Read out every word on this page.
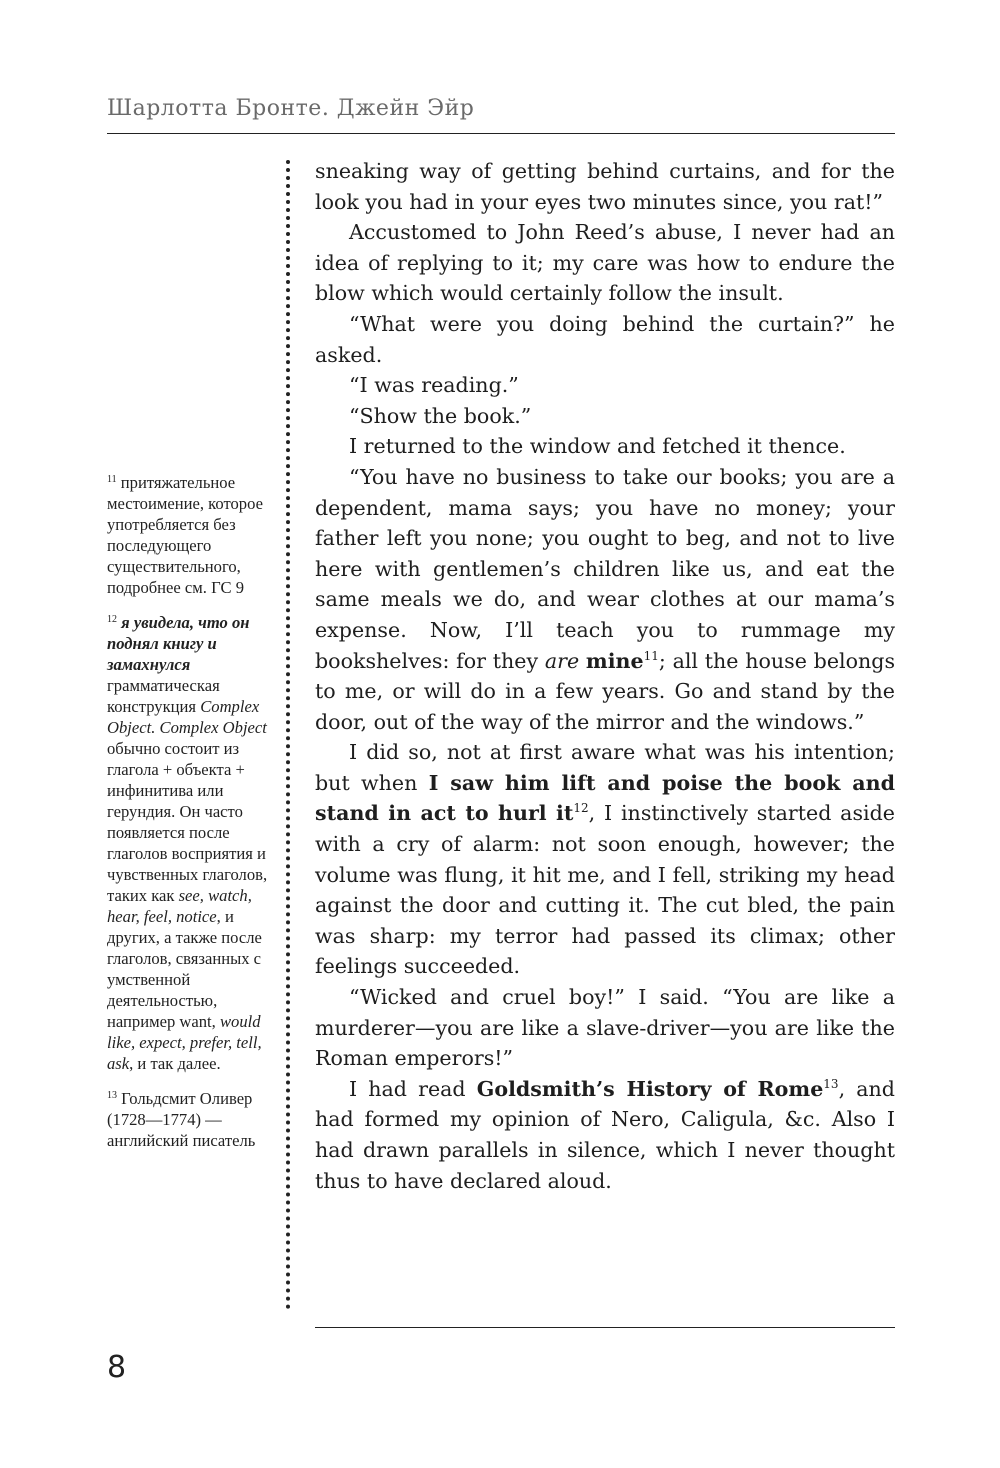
Шарлотта Бронте. Джейн Эйр

$^{11}$ притяжательное местоимение, которое употребляется без последующего существительного, подробнее см. ГС 9

$^{12}$ я увидела, что он поднял книгу и замахнулся грамматическая конструкция Complex Object. Complex Object обычно состоит из глагола + объекта + инфинитива или герундия. Он часто появляется после глаголов восприятия и чувственных глаголов, таких как see, watch, hear, feel, notice, и других, а также после глаголов, связанных с умственной деятельностью, например want, would like, expect, prefer, tell, ask, и так далее.

$^{13}$ Гольдсмит Оливер (1728—1774) — английский писатель

sneaking way of getting behind curtains, and for the look you had in your eyes two minutes since, you rat!”

Accustomed to John Reed’s abuse, I never had an idea of replying to it; my care was how to endure the blow which would certainly follow the insult.

“What were you doing behind the curtain?” he asked.

“I was reading.”

“Show the book.”

I returned to the window and fetched it thence.

“You have no business to take our books; you are a dependent, mama says; you have no money; your father left you none; you ought to beg, and not to live here with gentlemen’s children like us, and eat the same meals we do, and wear clothes at our mama’s expense. Now, I’ll teach you to rummage my bookshelves: for they are mine$^{11}$; all the house belongs to me, or will do in a few years. Go and stand by the door, out of the way of the mirror and the windows.”

I did so, not at first aware what was his intention; but when I saw him lift and poise the book and stand in act to hurl $it^{12}$, I instinctively started aside with a cry of alarm: not soon enough, however; the volume was flung, it hit me, and I fell, striking my head against the door and cutting it. The cut bled, the pain was sharp: my terror had passed its climax; other feelings succeeded.

“Wicked and cruel boy!” I said. “You are like a murderer—you are like a slave-driver—you are like the Roman emperors!”

I had read Goldsmith’s History of Rome$^{13}$, and had formed my opinion of Nero, Caligula, &c. Also I had drawn parallels in silence, which I never thought thus to have declared aloud.

8
